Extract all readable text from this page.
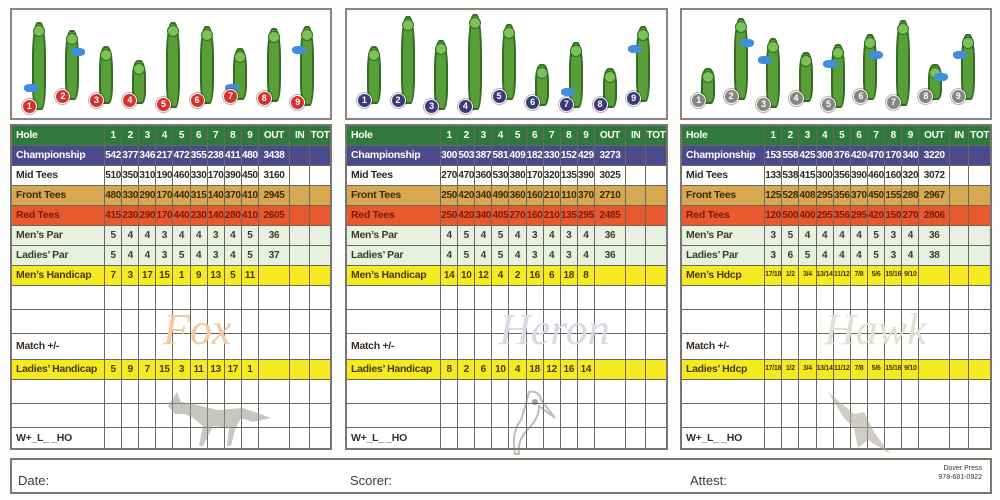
1
2	3	4	5	6	7	8	9
Hole	1	2	3	4	5	6	7	8	9	OUT	IN	TOT
Championship	542	377	346	217	472	355	238	411	480	3438		
Mid Tees	510	350	310	190	460	330	170	390	450	3160		
Front Tees	480	330	290	170	440	315	140	370	410	2945		
Red Tees	415	230	290	170	440	230	140	280	410	2605		
Men’s Par	5	4	4	3	4	4	3	4	5	36		
Ladies’ Par	5	4	4	3	5	4	3	4	5	37		
Men’s Handicap	7	3	17	15	1	9	13	5	11			

Match +/-												
Ladies’ Handicap	5	9	7	15	3	11	13	17	1			

W+_L_ _HO												
Fox
1	2
3	4
5
6	7	8
9
Hole	1	2	3	4	5	6	7	8	9	OUT	IN	TOT
Championship	300	503	387	581	409	182	330	152	429	3273		
Mid Tees	270	470	360	530	380	170	320	135	390	3025		
Front Tees	250	420	340	490	360	160	210	110	370	2710		
Red Tees	250	420	340	405	270	160	210	135	295	2485		
Men’s Par	4	5	4	5	4	3	4	3	4	36		
Ladies’ Par	4	5	4	5	4	3	4	3	4	36		
Men’s Handicap	14	10	12	4	2	16	6	18	8			

Match +/-												
Ladies’ Handicap	8	2	6	10	4	18	12	16	14			

W+_L_ _HO												
Heron
1	2
3
4
5
6
7
8	9
Hole	1	2	3	4	5	6	7	8	9	OUT	IN	TOT
Championship	153	558	425	308	376	420	470	170	340	3220		
Mid Tees	133	538	415	300	356	390	460	160	320	3072		
Front Tees	125	528	408	295	356	370	450	155	280	2967		
Red Tees	120	500	400	295	356	295	420	150	270	2806		
Men’s Par	3	5	4	4	4	4	5	3	4	36		
Ladies’ Par	3	6	5	4	4	4	5	3	4	38		
Men’s Hdcp	17/18	1/2	3/4	13/14	11/12	7/8	5/6	15/16	9/10			

Match +/-												
Ladies’ Hdcp	17/18	1/2	3/4	13/14	11/12	7/8	5/6	15/16	9/10			

W+_L_ _HO												
Hawk
Date:	Scorer:	Attest:
Dover Press
978-681-0922
